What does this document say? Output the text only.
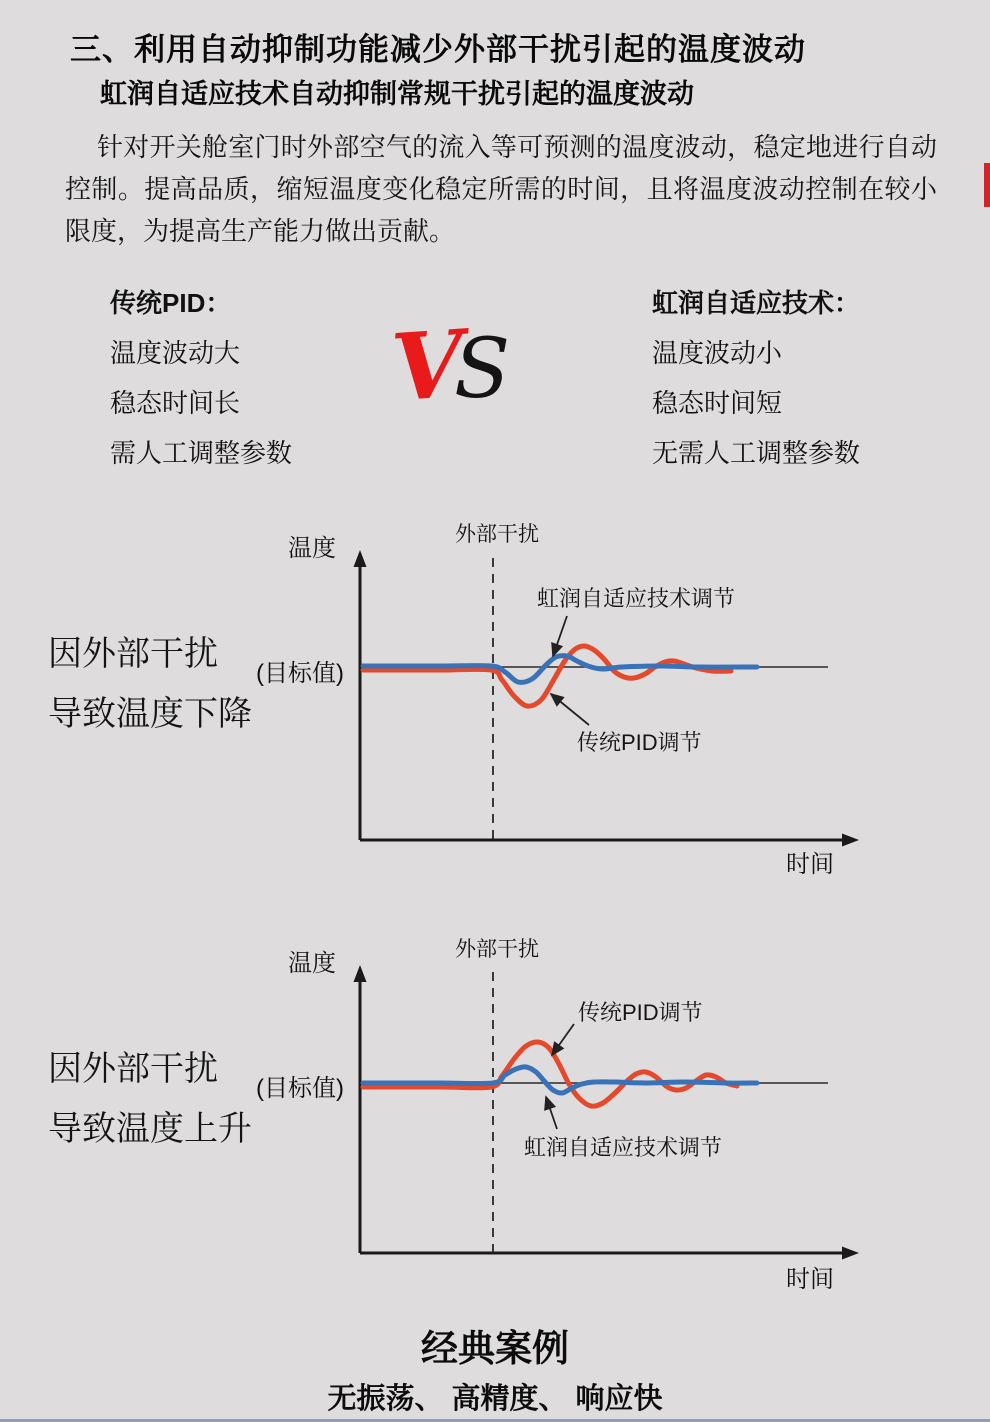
三、利用自动抑制功能减少外部干扰引起的温度波动
虹润自适应技术自动抑制常规干扰引起的温度波动
针对开关舱室门时外部空气的流入等可预测的温度波动，稳定地进行自动控制。提高品质，缩短温度变化稳定所需的时间，且将温度波动控制在较小限度，为提高生产能力做出贡献。
传统PID：
温度波动大
稳态时间长
需人工调整参数
V
S
虹润自适应技术：
温度波动小
稳态时间短
无需人工调整参数
因外部干扰
导致温度下降
温度
外部干扰
(目标值)
虹润自适应技术调节
传统PID调节
时间
因外部干扰
导致温度上升
温度
外部干扰
(目标值)
传统PID调节
虹润自适应技术调节
时间
经典案例
无振荡、 高精度、 响应快
